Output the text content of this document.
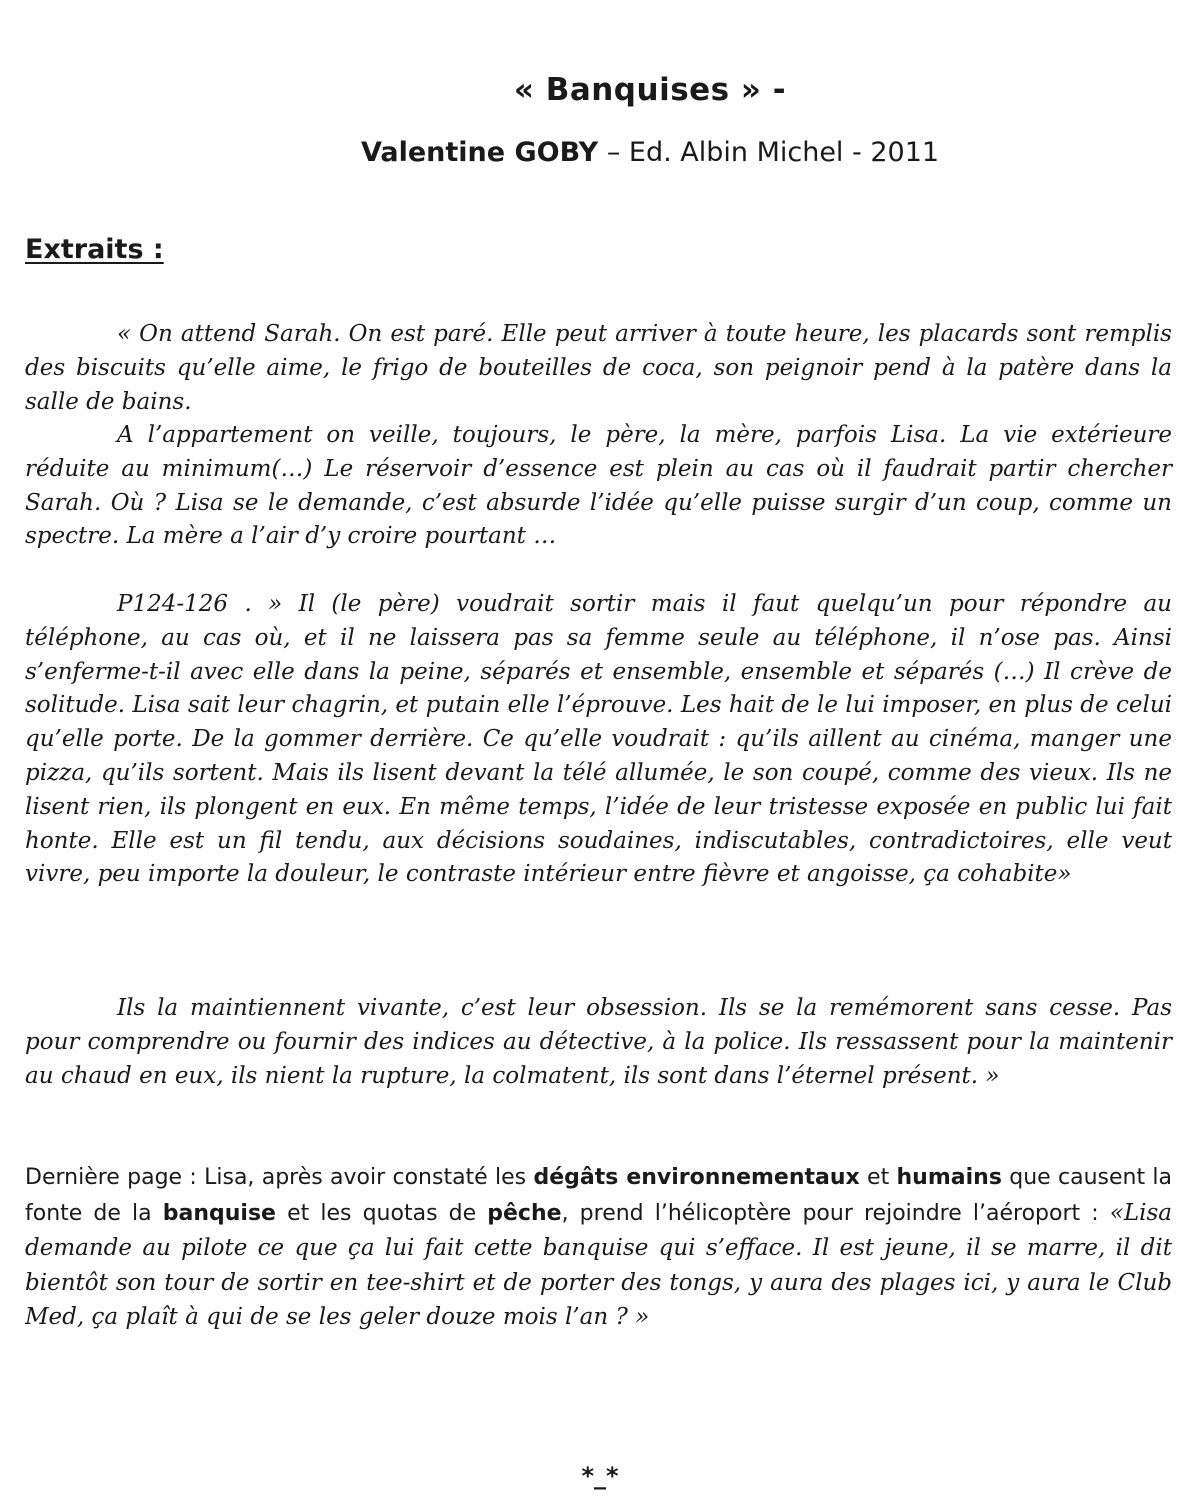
« Banquises » -
Valentine GOBY – Ed. Albin Michel - 2011
Extraits :

« On attend Sarah. On est paré. Elle peut arriver à toute heure, les placards sont remplis des biscuits qu’elle aime, le frigo de bouteilles de coca, son peignoir pend à la patère dans la salle de bains.

A l’appartement on veille, toujours, le père, la mère, parfois Lisa. La vie extérieure réduite au minimum(…) Le réservoir d’essence est plein au cas où il faudrait partir chercher Sarah. Où ? Lisa se le demande, c’est absurde l’idée qu’elle puisse surgir d’un coup, comme un spectre. La mère a l’air d’y croire pourtant …

P124-126 . » Il (le père) voudrait sortir mais il faut quelqu’un pour répondre au téléphone, au cas où, et il ne laissera pas sa femme seule au téléphone, il n’ose pas. Ainsi s’enferme-t-il avec elle dans la peine, séparés et ensemble, ensemble et séparés (…) Il crève de solitude. Lisa sait leur chagrin, et putain elle l’éprouve. Les hait de le lui imposer, en plus de celui qu’elle porte. De la gommer derrière. Ce qu’elle voudrait : qu’ils aillent au cinéma, manger une pizza, qu’ils sortent. Mais ils lisent devant la télé allumée, le son coupé, comme des vieux. Ils ne lisent rien, ils plongent en eux. En même temps, l’idée de leur tristesse exposée en public lui fait honte. Elle est un fil tendu, aux décisions soudaines, indiscutables, contradictoires, elle veut vivre, peu importe la douleur, le contraste intérieur entre fièvre et angoisse, ça cohabite»

Ils la maintiennent vivante, c’est leur obsession. Ils se la remémorent sans cesse. Pas pour comprendre ou fournir des indices au détective, à la police. Ils ressassent pour la maintenir au chaud en eux, ils nient la rupture, la colmatent, ils sont dans l’éternel présent. »

Dernière page : Lisa, après avoir constaté les dégâts environnementaux et humains que causent la fonte de la banquise et les quotas de pêche, prend l’hélicoptère pour rejoindre l’aéroport : «Lisa demande au pilote ce que ça lui fait cette banquise qui s’efface. Il est jeune, il se marre, il dit bientôt son tour de sortir en tee-shirt et de porter des tongs, y aura des plages ici, y aura le Club Med, ça plaît à qui de se les geler douze mois l’an ? »

*_*
